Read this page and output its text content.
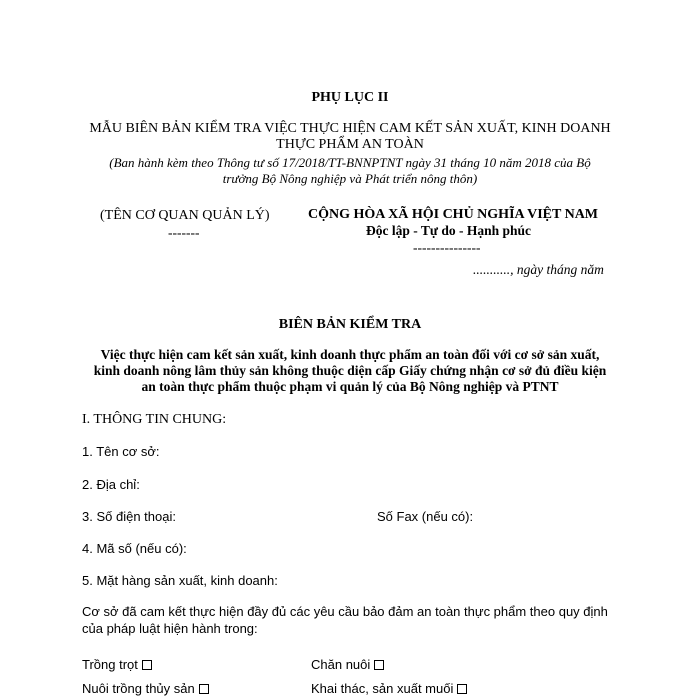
PHỤ LỤC II
MẪU BIÊN BẢN KIỂM TRA VIỆC THỰC HIỆN CAM KẾT SẢN XUẤT, KINH DOANH
THỰC PHẨM AN TOÀN
(Ban hành kèm theo Thông tư số 17/2018/TT-BNNPTNT ngày 31 tháng 10 năm 2018 của Bộ
trưởng Bộ Nông nghiệp và Phát triển nông thôn)
(TÊN CƠ QUAN QUẢN LÝ)
-------
CỘNG HÒA XÃ HỘI CHỦ NGHĨA VIỆT NAM
Độc lập - Tự do - Hạnh phúc
---------------
..........., ngày tháng năm
BIÊN BẢN KIỂM TRA
Việc thực hiện cam kết sản xuất, kinh doanh thực phẩm an toàn đối với cơ sở sản xuất,
kinh doanh nông lâm thủy sản không thuộc diện cấp Giấy chứng nhận cơ sở đủ điều kiện
an toàn thực phẩm thuộc phạm vi quản lý của Bộ Nông nghiệp và PTNT
I. THÔNG TIN CHUNG:
1. Tên cơ sở:
2. Địa chỉ:
3. Số điện thoại:	Số Fax (nếu có):
4. Mã số (nếu có):
5. Mặt hàng sản xuất, kinh doanh:
Cơ sở đã cam kết thực hiện đầy đủ các yêu cầu bảo đảm an toàn thực phẩm theo quy định của pháp luật hiện hành trong:
Trồng trọt	Chăn nuôi
Nuôi trồng thủy sản	Khai thác, sản xuất muối
